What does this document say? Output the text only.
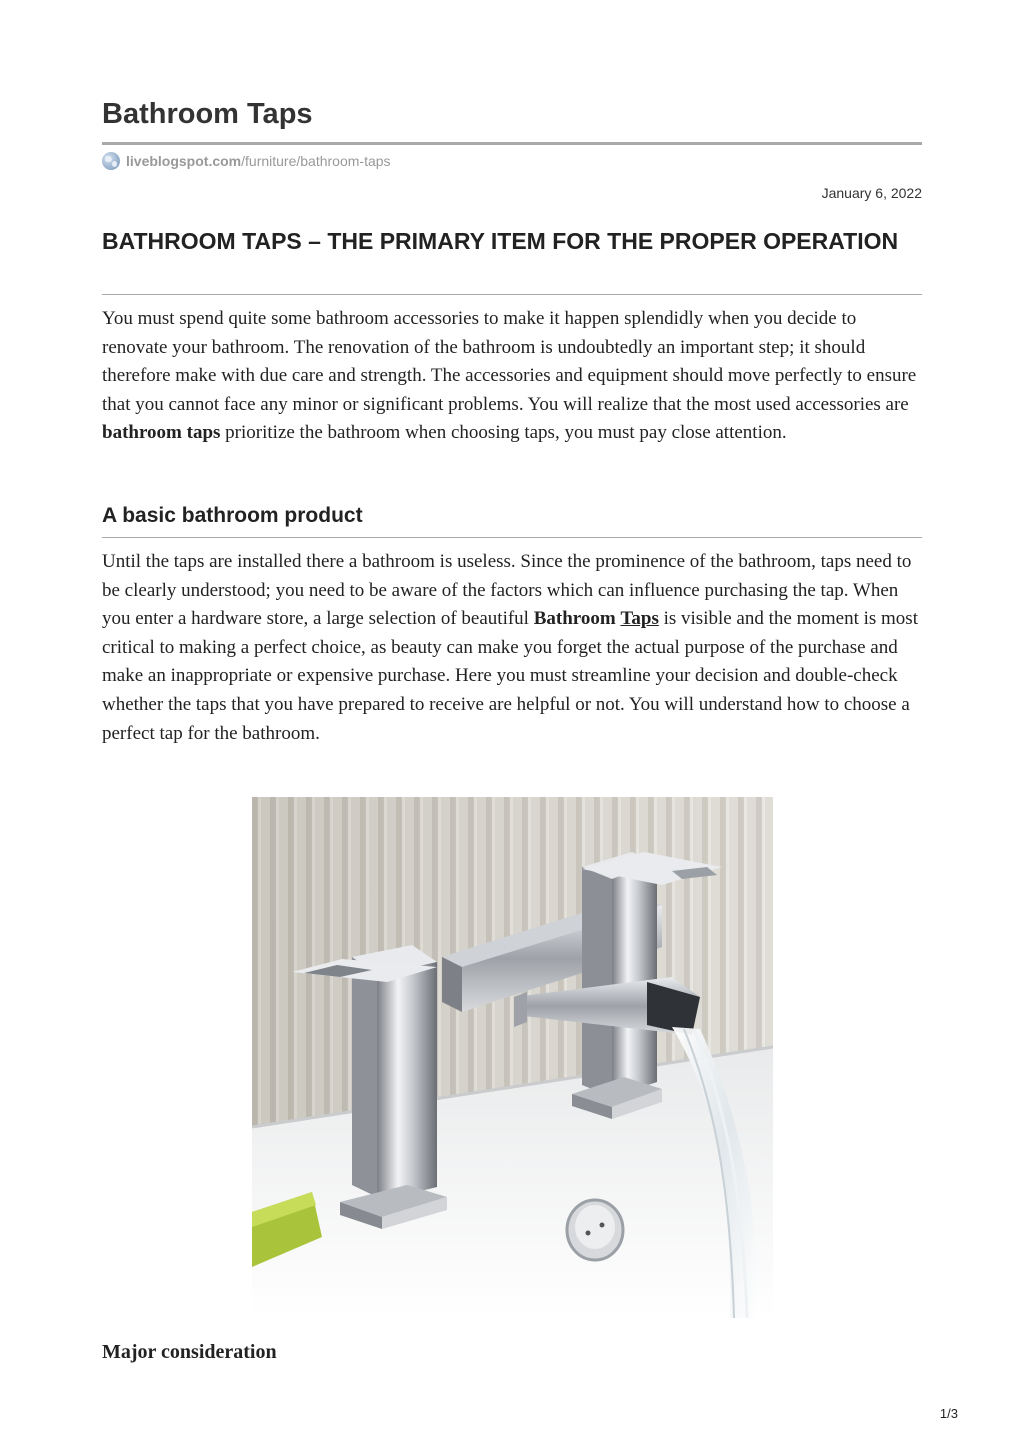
Bathroom Taps
liveblogspot.com/furniture/bathroom-taps
January 6, 2022
BATHROOM TAPS – THE PRIMARY ITEM FOR THE PROPER OPERATION

You must spend quite some bathroom accessories to make it happen splendidly when you decide to renovate your bathroom. The renovation of the bathroom is undoubtedly an important step; it should therefore make with due care and strength. The accessories and equipment should move perfectly to ensure that you cannot face any minor or significant problems. You will realize that the most used accessories are bathroom taps prioritize the bathroom when choosing taps, you must pay close attention.

A basic bathroom product

Until the taps are installed there a bathroom is useless. Since the prominence of the bathroom, taps need to be clearly understood; you need to be aware of the factors which can influence purchasing the tap. When you enter a hardware store, a large selection of beautiful Bathroom Taps is visible and the moment is most critical to making a perfect choice, as beauty can make you forget the actual purpose of the purchase and make an inappropriate or expensive purchase. Here you must streamline your decision and double-check whether the taps that you have prepared to receive are helpful or not. You will understand how to choose a perfect tap for the bathroom.

Major consideration
1/3
